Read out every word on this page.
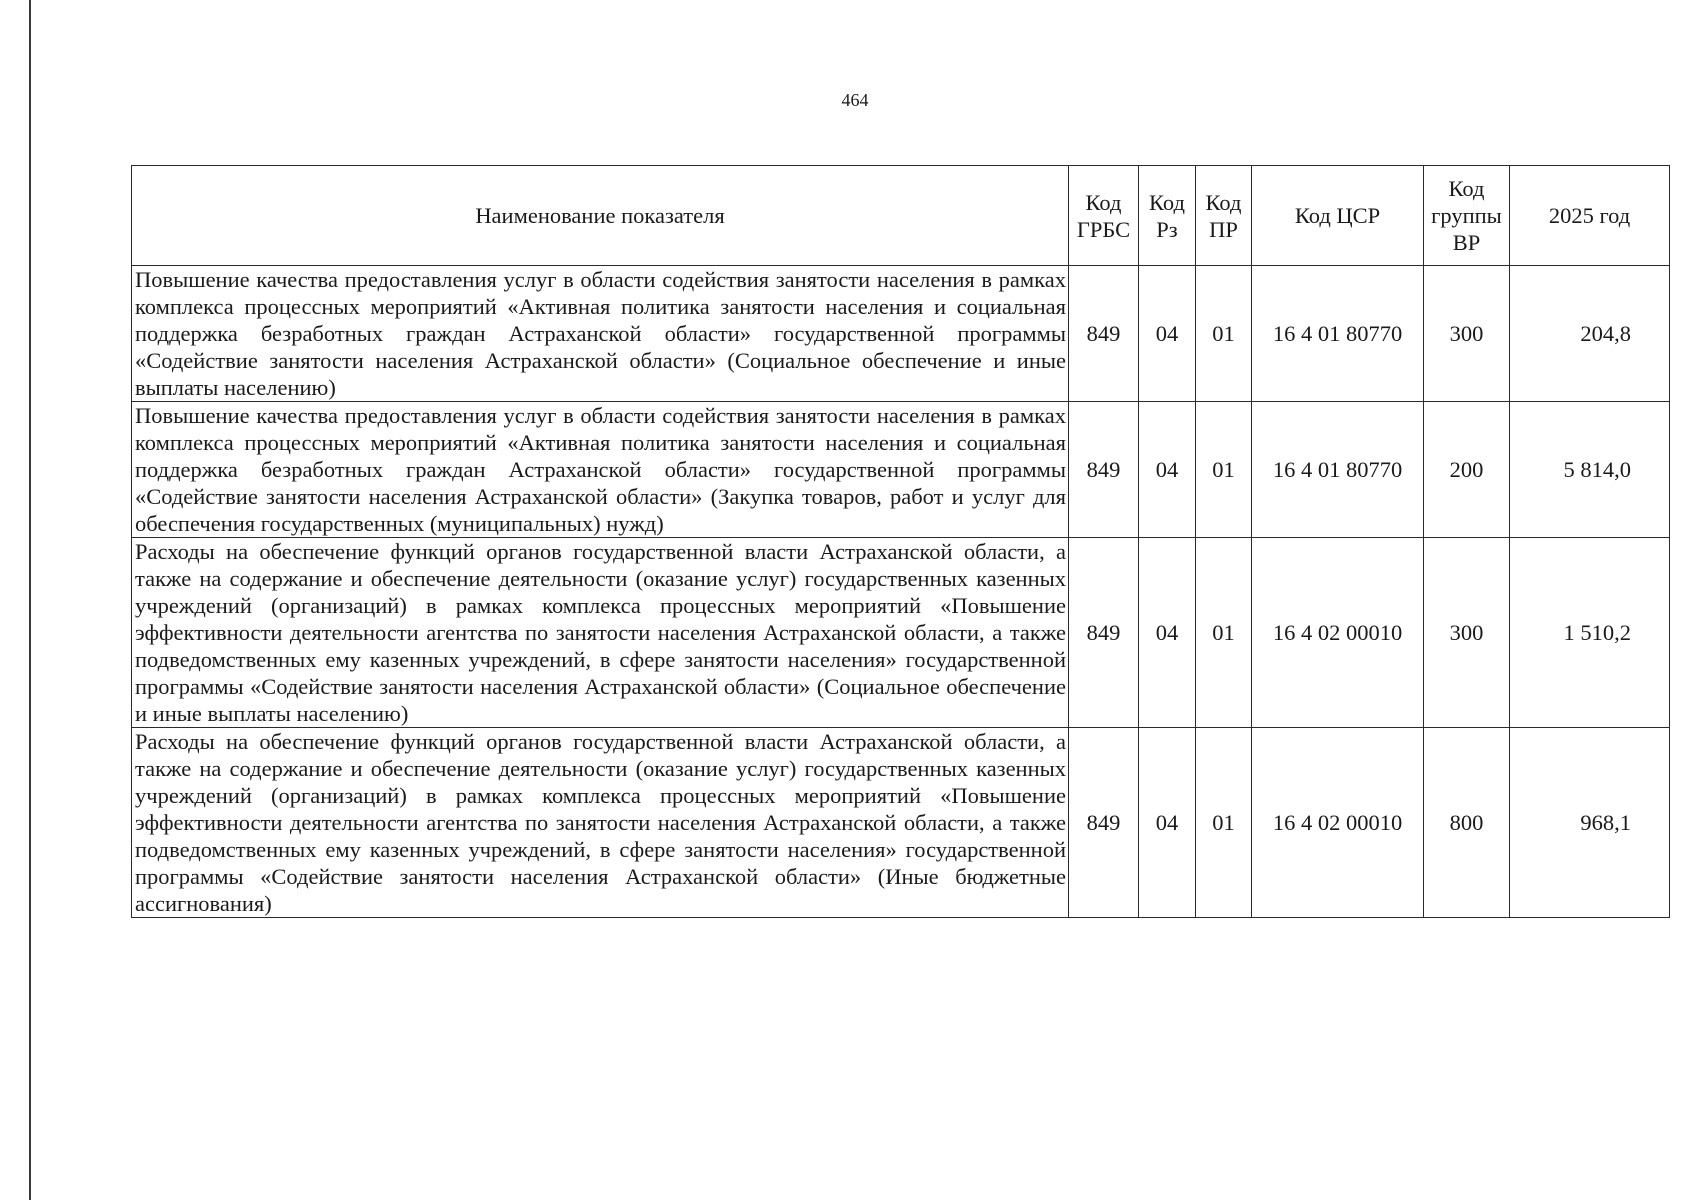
464
Наименование показателя	Код ГРБС	Код Рз	Код ПР	Код ЦСР	Код группы ВР	2025 год
Повышение качества предоставления услуг в области содействия занятости населения в рамках комплекса процессных мероприятий «Активная политика занятости населения и социальная поддержка безработных граждан Астраханской области» государственной программы «Содействие занятости населения Астраханской области» (Социальное обеспечение и иные выплаты населению)	849	04	01	16 4 01 80770	300	204,8
Повышение качества предоставления услуг в области содействия занятости населения в рамках комплекса процессных мероприятий «Активная политика занятости населения и социальная поддержка безработных граждан Астраханской области» государственной программы «Содействие занятости населения Астраханской области» (Закупка товаров, работ и услуг для обеспечения государственных (муниципальных) нужд)	849	04	01	16 4 01 80770	200	5 814,0
Расходы на обеспечение функций органов государственной власти Астраханской области, а также на содержание и обеспечение деятельности (оказание услуг) государственных казенных учреждений (организаций) в рамках комплекса процессных мероприятий «Повышение эффективности деятельности агентства по занятости населения Астраханской области, а также подведомственных ему казенных учреждений, в сфере занятости населения» государственной программы «Содействие занятости населения Астраханской области» (Социальное обеспечение и иные выплаты населению)	849	04	01	16 4 02 00010	300	1 510,2
Расходы на обеспечение функций органов государственной власти Астраханской области, а также на содержание и обеспечение деятельности (оказание услуг) государственных казенных учреждений (организаций) в рамках комплекса процессных мероприятий «Повышение эффективности деятельности агентства по занятости населения Астраханской области, а также подведомственных ему казенных учреждений, в сфере занятости населения» государственной программы «Содействие занятости населения Астраханской области» (Иные бюджетные ассигнования)	849	04	01	16 4 02 00010	800	968,1
